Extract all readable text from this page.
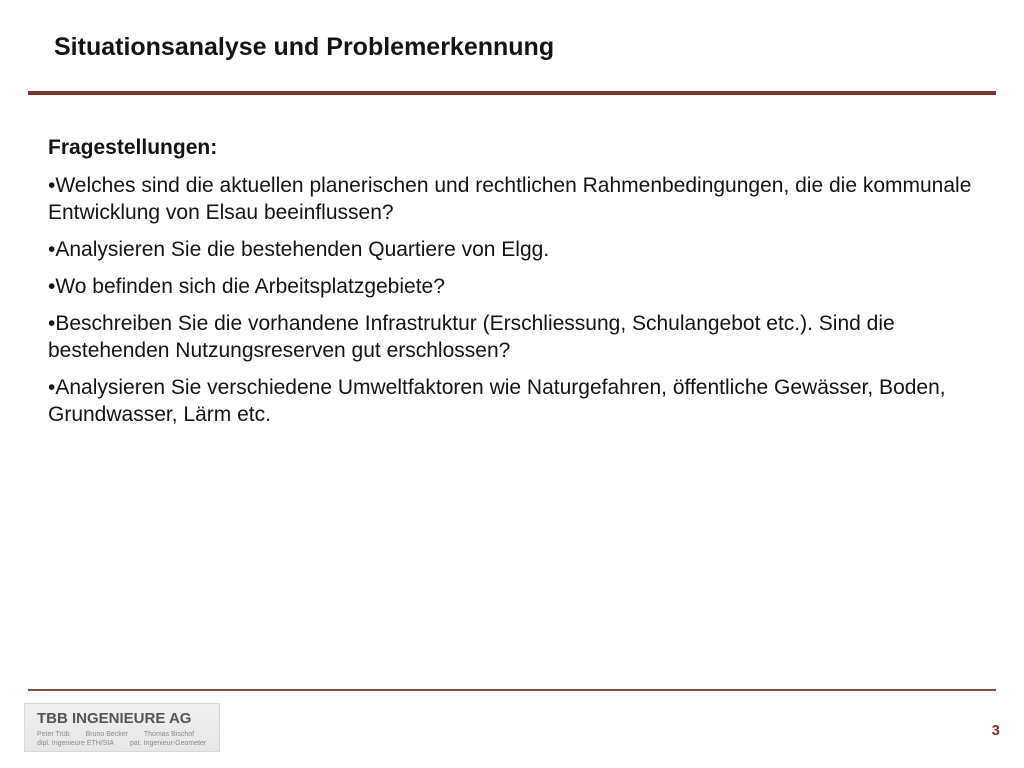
Situationsanalyse und Problemerkennung

Fragestellungen:

•Welches sind die aktuellen planerischen und rechtlichen Rahmenbedingungen, die die kommunale Entwicklung von Elsau beeinflussen?
•Analysieren Sie die bestehenden Quartiere von Elgg.
•Wo befinden sich die Arbeitsplatzgebiete?
•Beschreiben Sie die vorhandene Infrastruktur (Erschliessung, Schulangebot etc.). Sind die bestehenden Nutzungsreserven gut erschlossen?
•Analysieren Sie verschiedene Umweltfaktoren wie Naturgefahren, öffentliche Gewässer, Boden, Grundwasser, Lärm etc.
TBB INGENIEURE AG
Peter Trüb Bruno Becker Thomas Bischof
dipl. Ingenieure ETH/SIA pat. Ingenieur-Geometer
3
